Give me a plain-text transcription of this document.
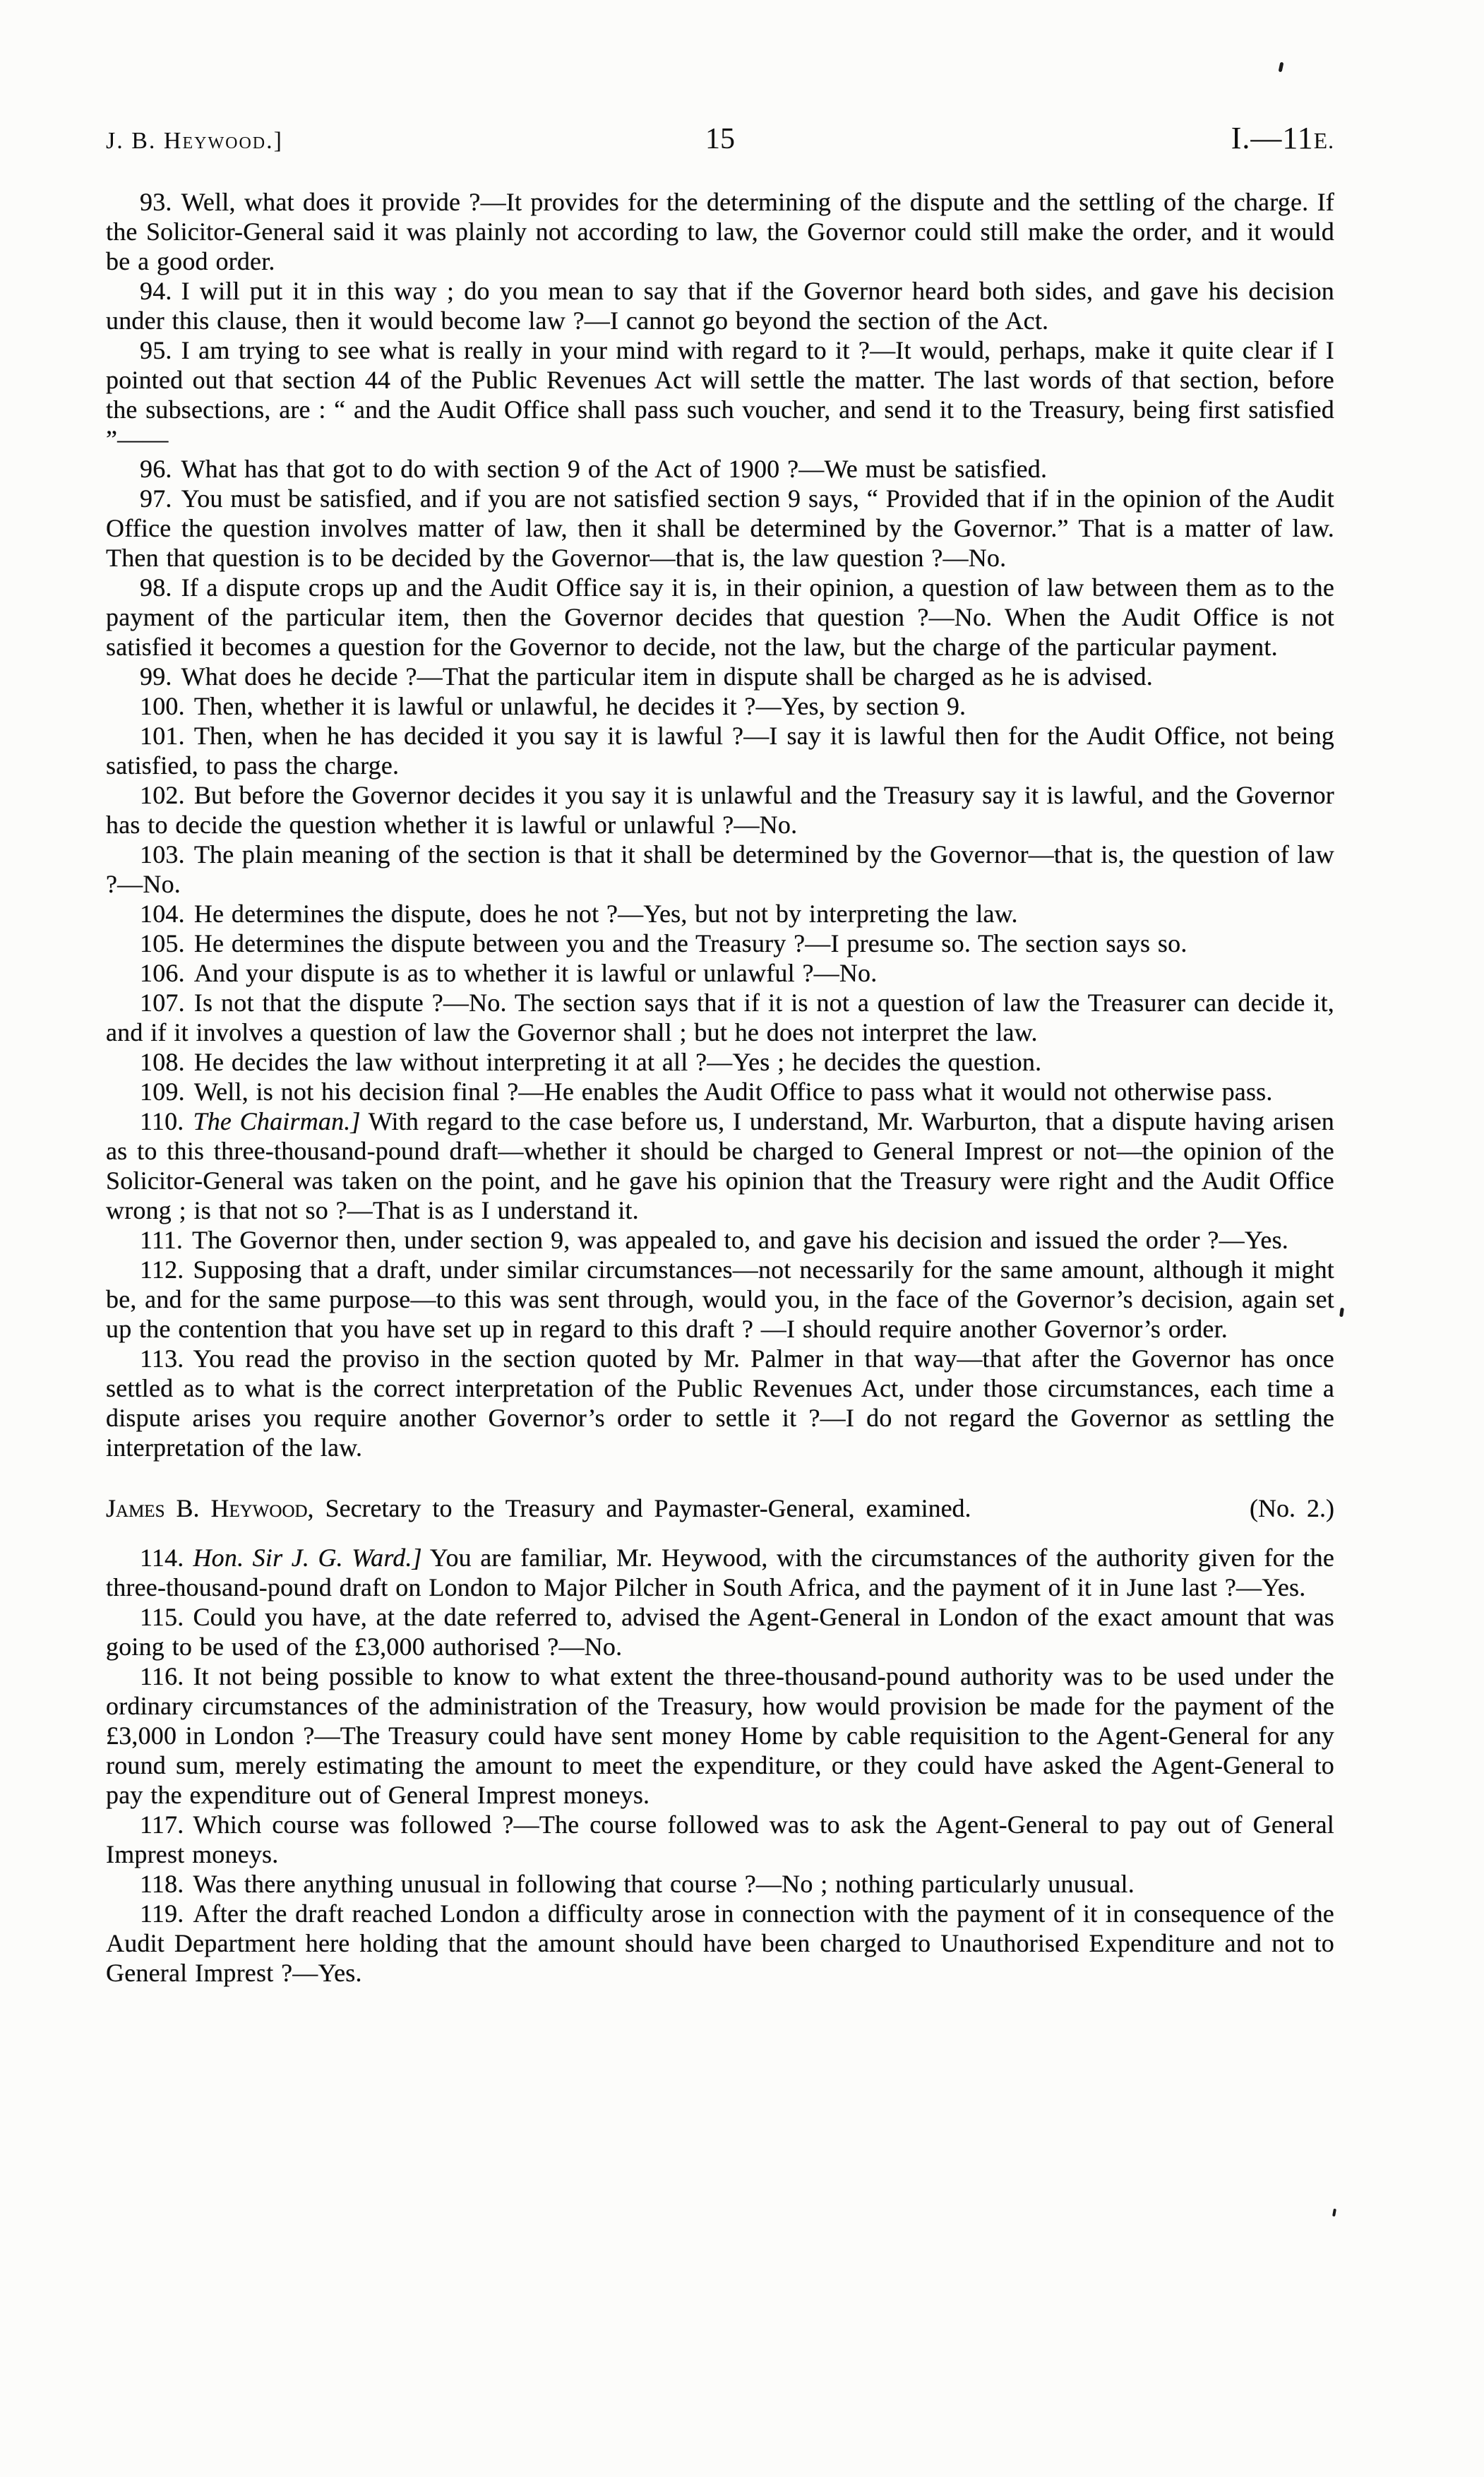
J. B. Heywood.]	15	I.—11E.

93. Well, what does it provide ?—It provides for the determining of the dispute and the settling of the charge. If the Solicitor-General said it was plainly not according to law, the Governor could still make the order, and it would be a good order.

94. I will put it in this way ; do you mean to say that if the Governor heard both sides, and gave his decision under this clause, then it would become law ?—I cannot go beyond the section of the Act.

95. I am trying to see what is really in your mind with regard to it ?—It would, perhaps, make it quite clear if I pointed out that section 44 of the Public Revenues Act will settle the matter. The last words of that section, before the subsections, are : “ and the Audit Office shall pass such voucher, and send it to the Treasury, being first satisfied ”——

96. What has that got to do with section 9 of the Act of 1900 ?—We must be satisfied.

97. You must be satisfied, and if you are not satisfied section 9 says, “ Provided that if in the opinion of the Audit Office the question involves matter of law, then it shall be determined by the Governor.” That is a matter of law. Then that question is to be decided by the Governor—that is, the law question ?—No.

98. If a dispute crops up and the Audit Office say it is, in their opinion, a question of law between them as to the payment of the particular item, then the Governor decides that question ?—No. When the Audit Office is not satisfied it becomes a question for the Governor to decide, not the law, but the charge of the particular payment.

99. What does he decide ?—That the particular item in dispute shall be charged as he is advised.

100. Then, whether it is lawful or unlawful, he decides it ?—Yes, by section 9.

101. Then, when he has decided it you say it is lawful ?—I say it is lawful then for the Audit Office, not being satisfied, to pass the charge.

102. But before the Governor decides it you say it is unlawful and the Treasury say it is lawful, and the Governor has to decide the question whether it is lawful or unlawful ?—No.

103. The plain meaning of the section is that it shall be determined by the Governor—that is, the question of law ?—No.

104. He determines the dispute, does he not ?—Yes, but not by interpreting the law.

105. He determines the dispute between you and the Treasury ?—I presume so. The section says so.

106. And your dispute is as to whether it is lawful or unlawful ?—No.

107. Is not that the dispute ?—No. The section says that if it is not a question of law the Treasurer can decide it, and if it involves a question of law the Governor shall ; but he does not interpret the law.

108. He decides the law without interpreting it at all ?—Yes ; he decides the question.

109. Well, is not his decision final ?—He enables the Audit Office to pass what it would not otherwise pass.

110. The Chairman.] With regard to the case before us, I understand, Mr. Warburton, that a dispute having arisen as to this three-thousand-pound draft—whether it should be charged to General Imprest or not—the opinion of the Solicitor-General was taken on the point, and he gave his opinion that the Treasury were right and the Audit Office wrong ; is that not so ?—That is as I understand it.

111. The Governor then, under section 9, was appealed to, and gave his decision and issued the order ?—Yes.

112. Supposing that a draft, under similar circumstances—not necessarily for the same amount, although it might be, and for the same purpose—to this was sent through, would you, in the face of the Governor’s decision, again set up the contention that you have set up in regard to this draft ? —I should require another Governor’s order.

113. You read the proviso in the section quoted by Mr. Palmer in that way—that after the Governor has once settled as to what is the correct interpretation of the Public Revenues Act, under those circumstances, each time a dispute arises you require another Governor’s order to settle it ?—I do not regard the Governor as settling the interpretation of the law.

James B. Heywood, Secretary to the Treasury and Paymaster-General, examined.	(No. 2.)

114. Hon. Sir J. G. Ward.] You are familiar, Mr. Heywood, with the circumstances of the authority given for the three-thousand-pound draft on London to Major Pilcher in South Africa, and the payment of it in June last ?—Yes.

115. Could you have, at the date referred to, advised the Agent-General in London of the exact amount that was going to be used of the £3,000 authorised ?—No.

116. It not being possible to know to what extent the three-thousand-pound authority was to be used under the ordinary circumstances of the administration of the Treasury, how would provision be made for the payment of the £3,000 in London ?—The Treasury could have sent money Home by cable requisition to the Agent-General for any round sum, merely estimating the amount to meet the expenditure, or they could have asked the Agent-General to pay the expenditure out of General Imprest moneys.

117. Which course was followed ?—The course followed was to ask the Agent-General to pay out of General Imprest moneys.

118. Was there anything unusual in following that course ?—No ; nothing particularly unusual.

119. After the draft reached London a difficulty arose in connection with the payment of it in consequence of the Audit Department here holding that the amount should have been charged to Unauthorised Expenditure and not to General Imprest ?—Yes.
